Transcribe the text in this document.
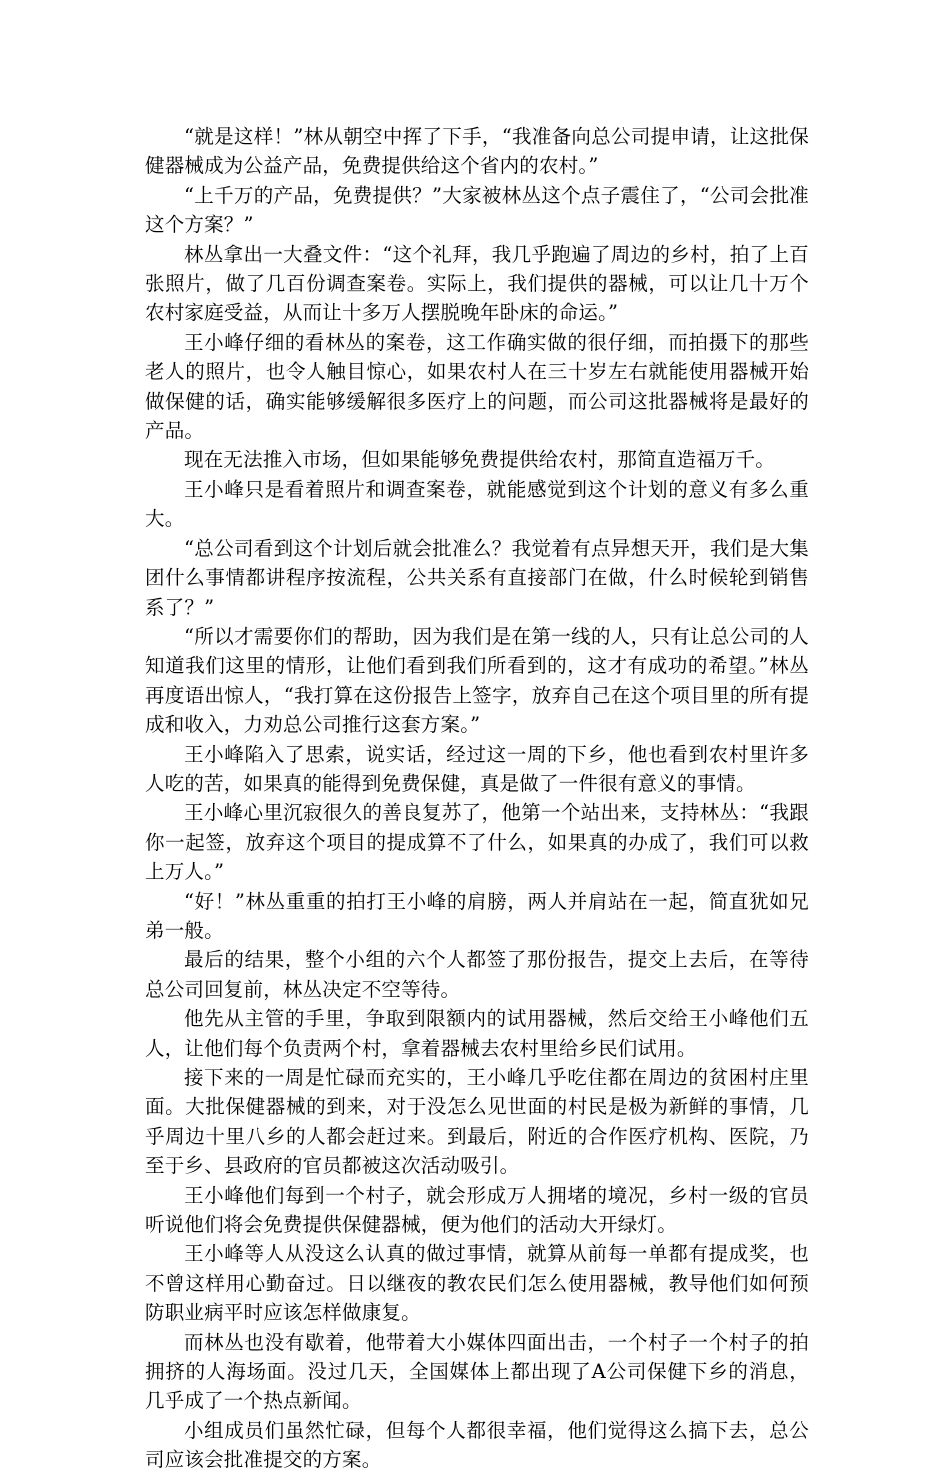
“就是这样！”林从朝空中挥了下手，“我准备向总公司提申请，让这批保健器械成为公益产品，免费提供给这个省内的农村。”

“上千万的产品，免费提供？”大家被林丛这个点子震住了，“公司会批准这个方案？”

林丛拿出一大叠文件：“这个礼拜，我几乎跑遍了周边的乡村，拍了上百张照片，做了几百份调查案卷。实际上，我们提供的器械，可以让几十万个农村家庭受益，从而让十多万人摆脱晚年卧床的命运。”

王小峰仔细的看林丛的案卷，这工作确实做的很仔细，而拍摄下的那些老人的照片，也令人触目惊心，如果农村人在三十岁左右就能使用器械开始做保健的话，确实能够缓解很多医疗上的问题，而公司这批器械将是最好的产品。

现在无法推入市场，但如果能够免费提供给农村，那简直造福万千。

王小峰只是看着照片和调查案卷，就能感觉到这个计划的意义有多么重大。

“总公司看到这个计划后就会批准么？我觉着有点异想天开，我们是大集团什么事情都讲程序按流程，公共关系有直接部门在做，什么时候轮到销售系了？”

“所以才需要你们的帮助，因为我们是在第一线的人，只有让总公司的人知道我们这里的情形，让他们看到我们所看到的，这才有成功的希望。”林丛再度语出惊人，“我打算在这份报告上签字，放弃自己在这个项目里的所有提成和收入，力劝总公司推行这套方案。”

王小峰陷入了思索，说实话，经过这一周的下乡，他也看到农村里许多人吃的苦，如果真的能得到免费保健，真是做了一件很有意义的事情。

王小峰心里沉寂很久的善良复苏了，他第一个站出来，支持林丛：“我跟你一起签，放弃这个项目的提成算不了什么，如果真的办成了，我们可以救上万人。”

“好！”林丛重重的拍打王小峰的肩膀，两人并肩站在一起，简直犹如兄弟一般。

最后的结果，整个小组的六个人都签了那份报告，提交上去后，在等待总公司回复前，林丛决定不空等待。

他先从主管的手里，争取到限额内的试用器械，然后交给王小峰他们五人，让他们每个负责两个村，拿着器械去农村里给乡民们试用。

接下来的一周是忙碌而充实的，王小峰几乎吃住都在周边的贫困村庄里面。大批保健器械的到来，对于没怎么见世面的村民是极为新鲜的事情，几乎周边十里八乡的人都会赶过来。到最后，附近的合作医疗机构、医院，乃至于乡、县政府的官员都被这次活动吸引。

王小峰他们每到一个村子，就会形成万人拥堵的境况，乡村一级的官员听说他们将会免费提供保健器械，便为他们的活动大开绿灯。

王小峰等人从没这么认真的做过事情，就算从前每一单都有提成奖，也不曾这样用心勤奋过。日以继夜的教农民们怎么使用器械，教导他们如何预防职业病平时应该怎样做康复。

而林丛也没有歇着，他带着大小媒体四面出击，一个村子一个村子的拍拥挤的人海场面。没过几天，全国媒体上都出现了A公司保健下乡的消息，几乎成了一个热点新闻。

小组成员们虽然忙碌，但每个人都很幸福，他们觉得这么搞下去，总公司应该会批准提交的方案。
